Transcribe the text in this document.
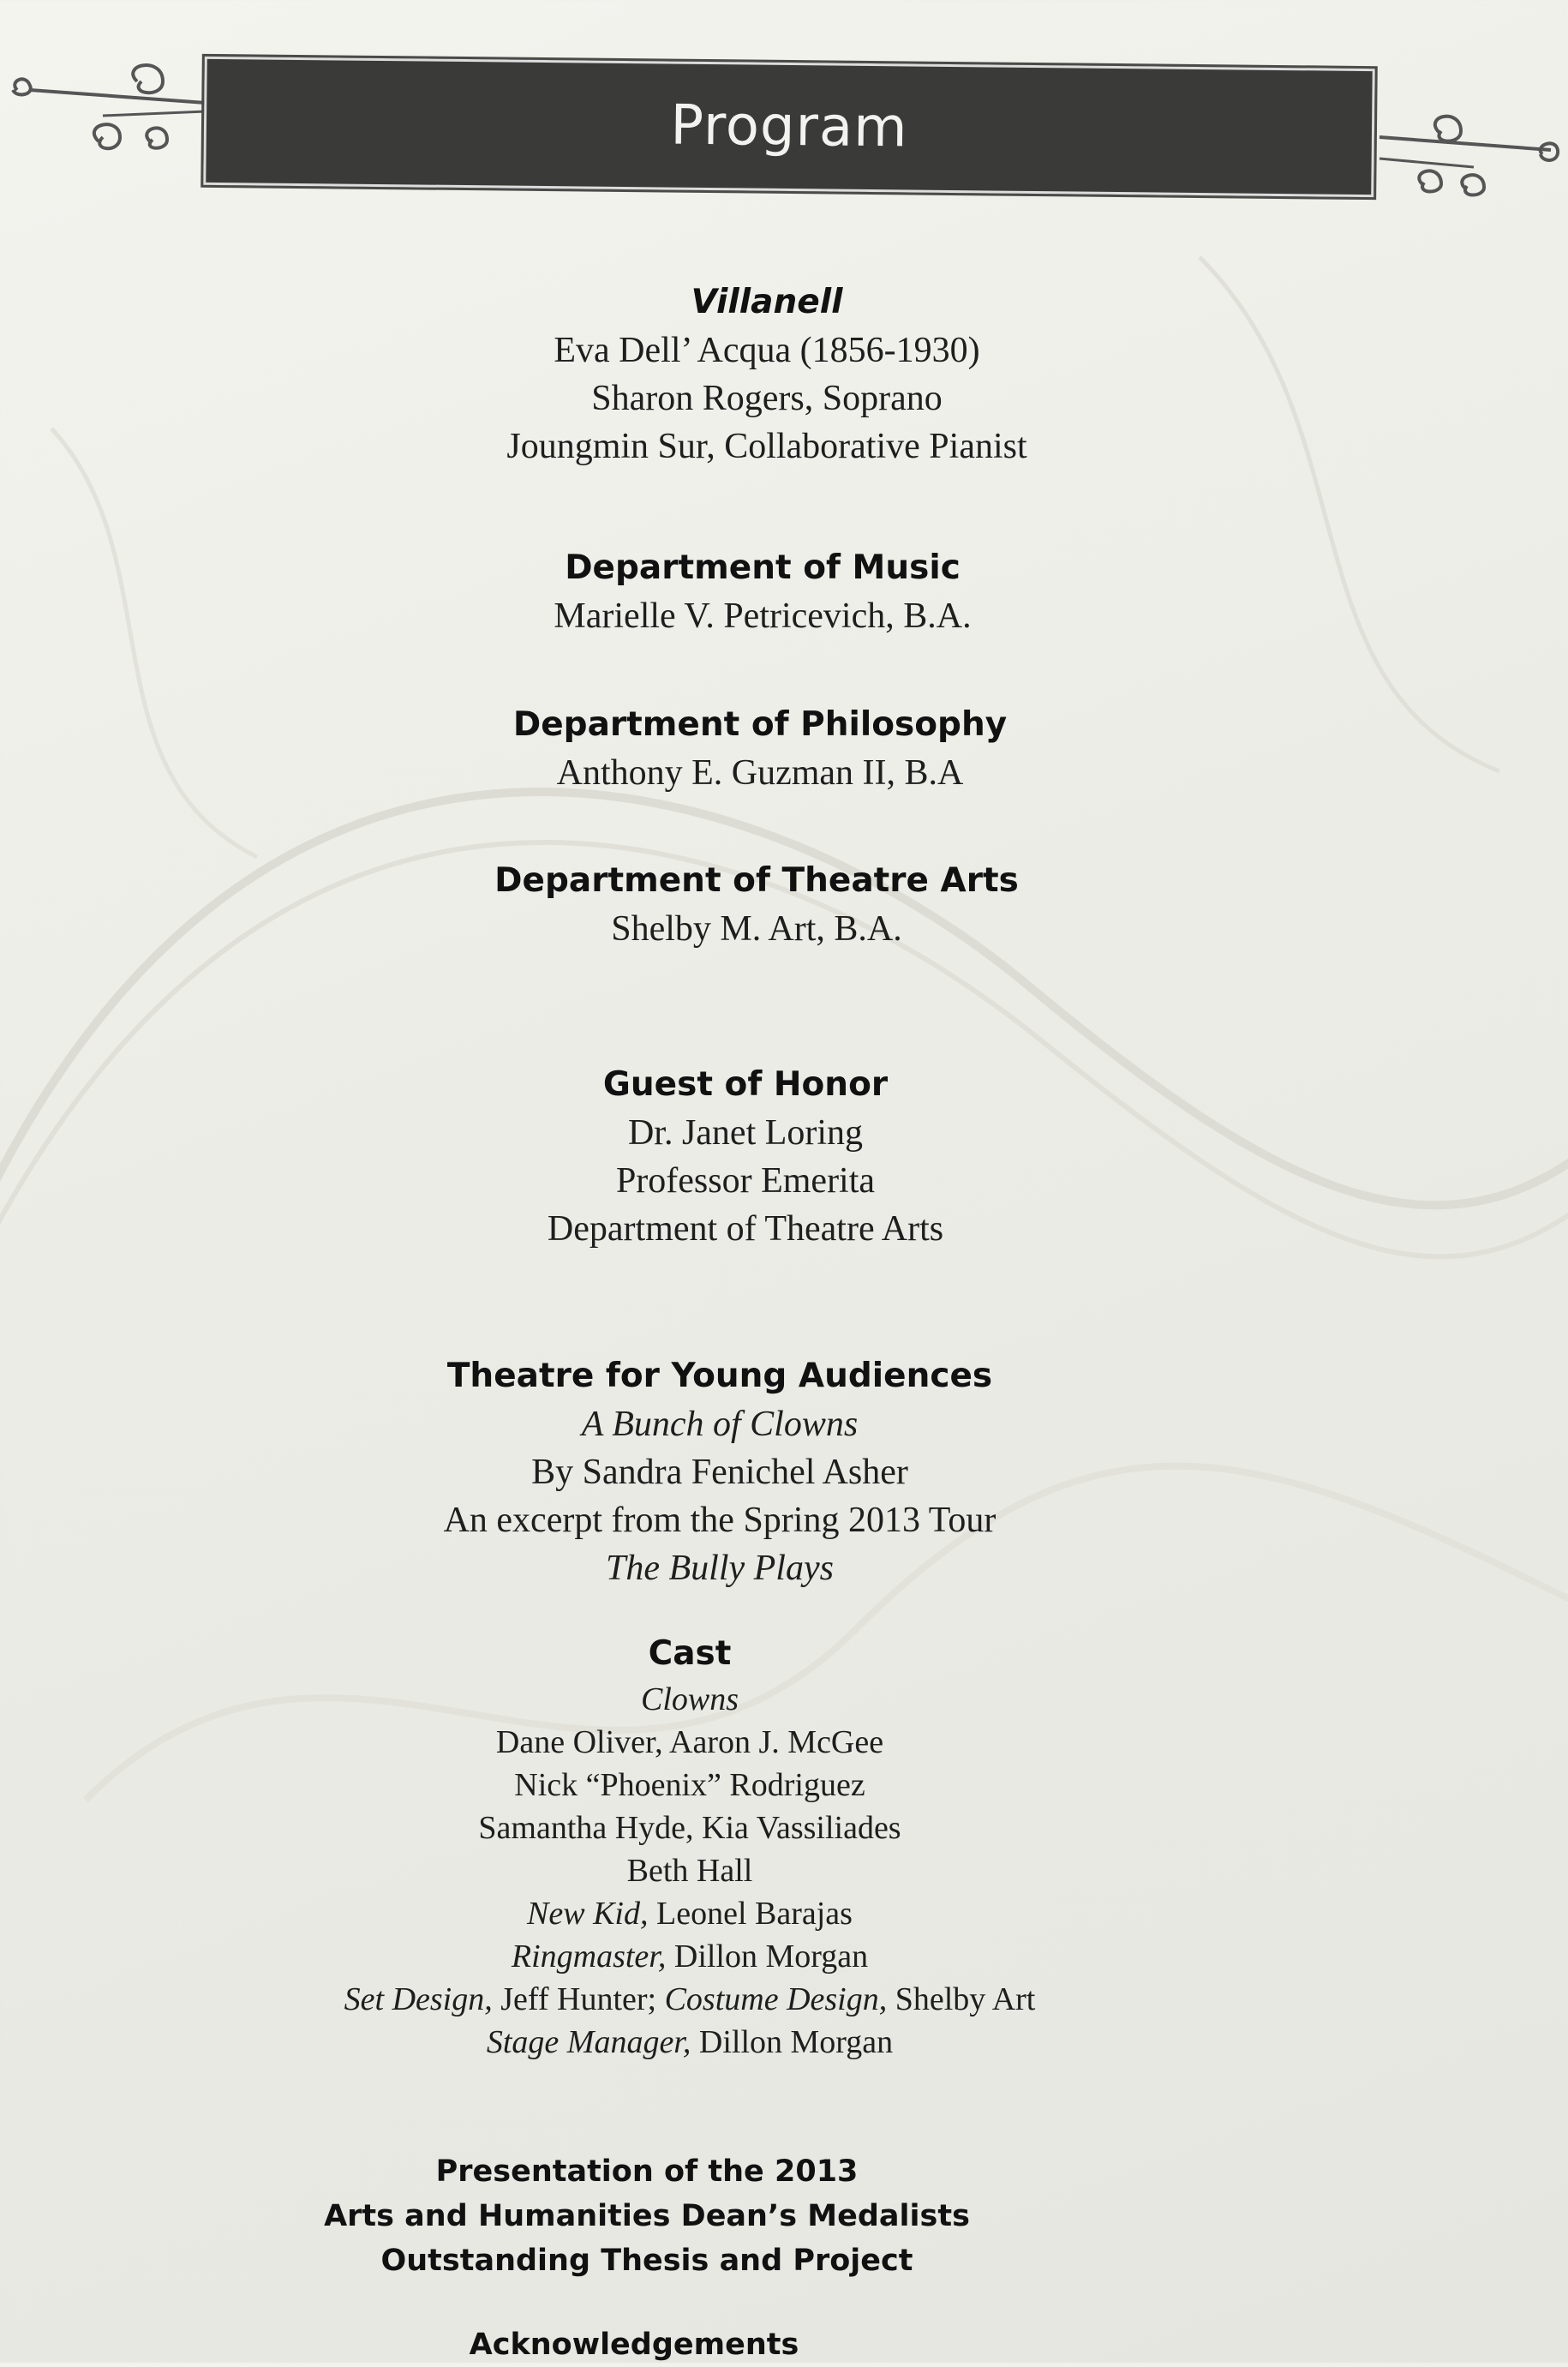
Program
Villanell
Eva Dell’ Acqua (1856-1930)
Sharon Rogers, Soprano
Joungmin Sur, Collaborative Pianist
Department of Music
Marielle V. Petricevich, B.A.
Department of Philosophy
Anthony E. Guzman II, B.A
Department of Theatre Arts
Shelby M. Art, B.A.
Guest of Honor
Dr. Janet Loring
Professor Emerita
Department of Theatre Arts
Theatre for Young Audiences
A Bunch of Clowns
By Sandra Fenichel Asher
An excerpt from the Spring 2013 Tour
The Bully Plays
Cast
Clowns
Dane Oliver, Aaron J. McGee
Nick “Phoenix” Rodriguez
Samantha Hyde, Kia Vassiliades
Beth Hall
New Kid, Leonel Barajas
Ringmaster, Dillon Morgan
Set Design, Jeff Hunter; Costume Design, Shelby Art
Stage Manager, Dillon Morgan
Presentation of the 2013
Arts and Humanities Dean’s Medalists
Outstanding Thesis and Project
Acknowledgements
